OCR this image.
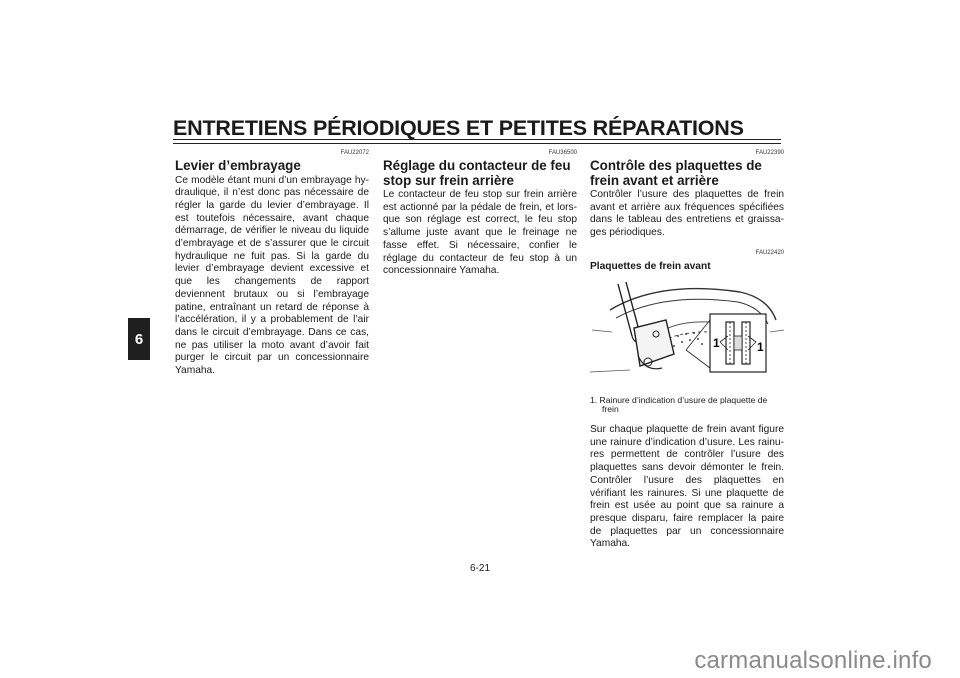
ENTRETIENS PÉRIODIQUES ET PETITES RÉPARATIONS
6
FAU22072
Levier d’embrayage
Ce modèle étant muni d’un embrayage hydraulique, il n’est donc pas nécessaire de régler la garde du levier d’embrayage. Il est toutefois nécessaire, avant chaque démarrage, de vérifier le niveau du liquide d’embrayage et de s’assurer que le circuit hydraulique ne fuit pas. Si la garde du levier d’embrayage devient excessive et que les changements de rapport deviennent brutaux ou si l’embrayage patine, entraînant un retard de réponse à l’accélération, il y a probablement de l’air dans le circuit d’embrayage. Dans ce cas, ne pas utiliser la moto avant d’avoir fait purger le circuit par un concessionnaire Yamaha.
FAU36500
Réglage du contacteur de feu stop sur frein arrière
Le contacteur de feu stop sur frein arrière est actionné par la pédale de frein, et lorsque son réglage est correct, le feu stop s’allume juste avant que le freinage ne fasse effet. Si nécessaire, confier le réglage du contacteur de feu stop à un concessionnaire Yamaha.
FAU22390
Contrôle des plaquettes de frein avant et arrière
Contrôler l’usure des plaquettes de frein avant et arrière aux fréquences spécifiées dans le tableau des entretiens et graissages périodiques.
FAU22420
Plaquettes de frein avant
1	1
1. Rainure d’indication d’usure de plaquette de frein
Sur chaque plaquette de frein avant figure une rainure d’indication d’usure. Les rainures permettent de contrôler l’usure des plaquettes sans devoir démonter le frein. Contrôler l’usure des plaquettes en vérifiant les rainures. Si une plaquette de frein est usée au point que sa rainure a presque disparu, faire remplacer la paire de plaquettes par un concessionnaire Yamaha.
6-21
carmanualsonline.info
